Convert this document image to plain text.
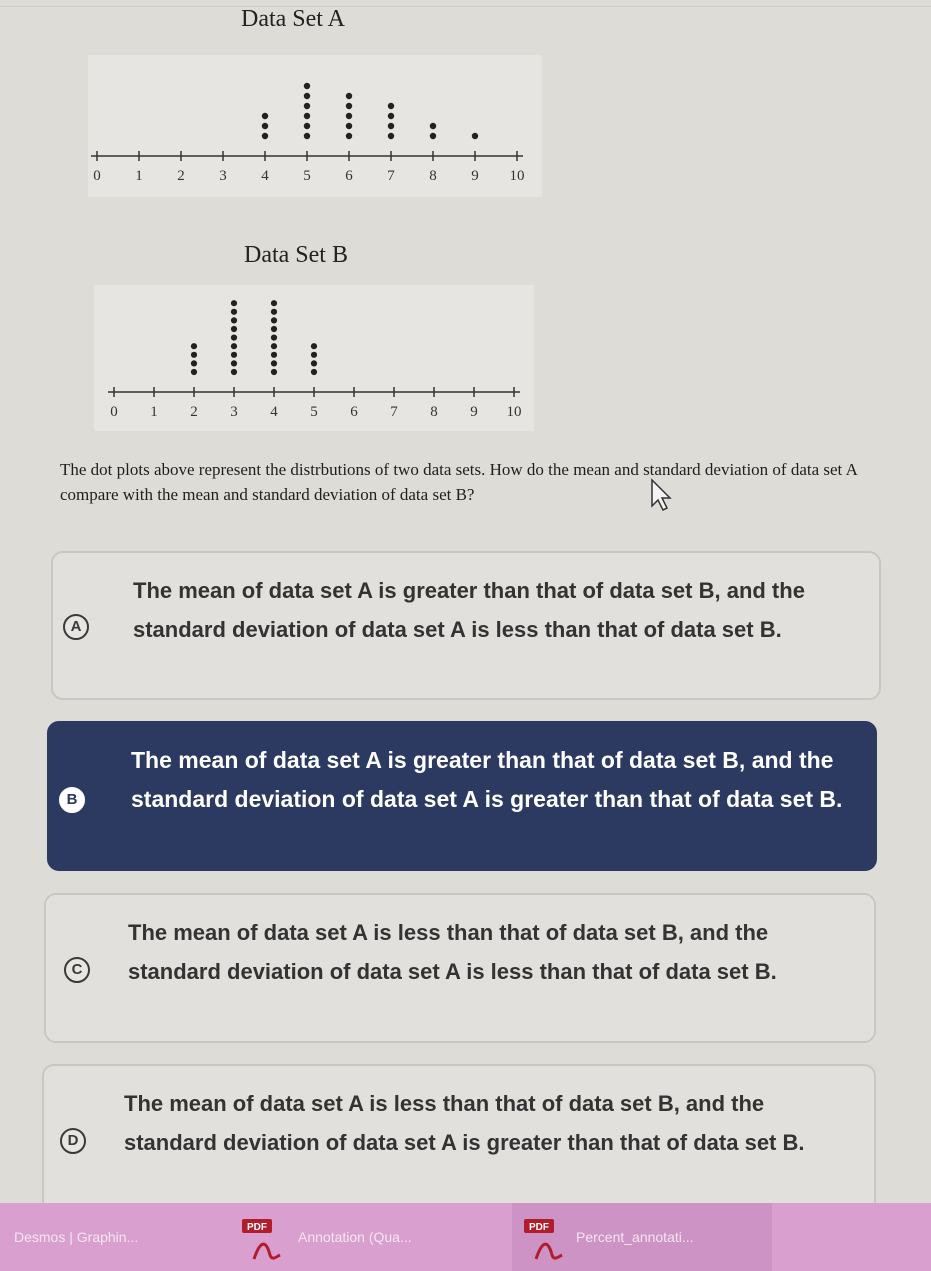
Data Set A
0 1 2 3 4 5 6 7 8 9 10
Data Set B
0 1 2 3 4 5 6 7 8 9 10
The dot plots above represent the distrbutions of two data sets. How do the mean and standard deviation of data set A compare with the mean and standard deviation of data set B?
A
The mean of data set A is greater than that of data set B, and the standard deviation of data set A is less than that of data set B.
B
The mean of data set A is greater than that of data set B, and the standard deviation of data set A is greater than that of data set B.
C
The mean of data set A is less than that of data set B, and the standard deviation of data set A is less than that of data set B.
D
The mean of data set A is less than that of data set B, and the standard deviation of data set A is greater than that of data set B.
Desmos | Graphin...
PDF
Annotation (Qua...
PDF
Percent_annotati...
